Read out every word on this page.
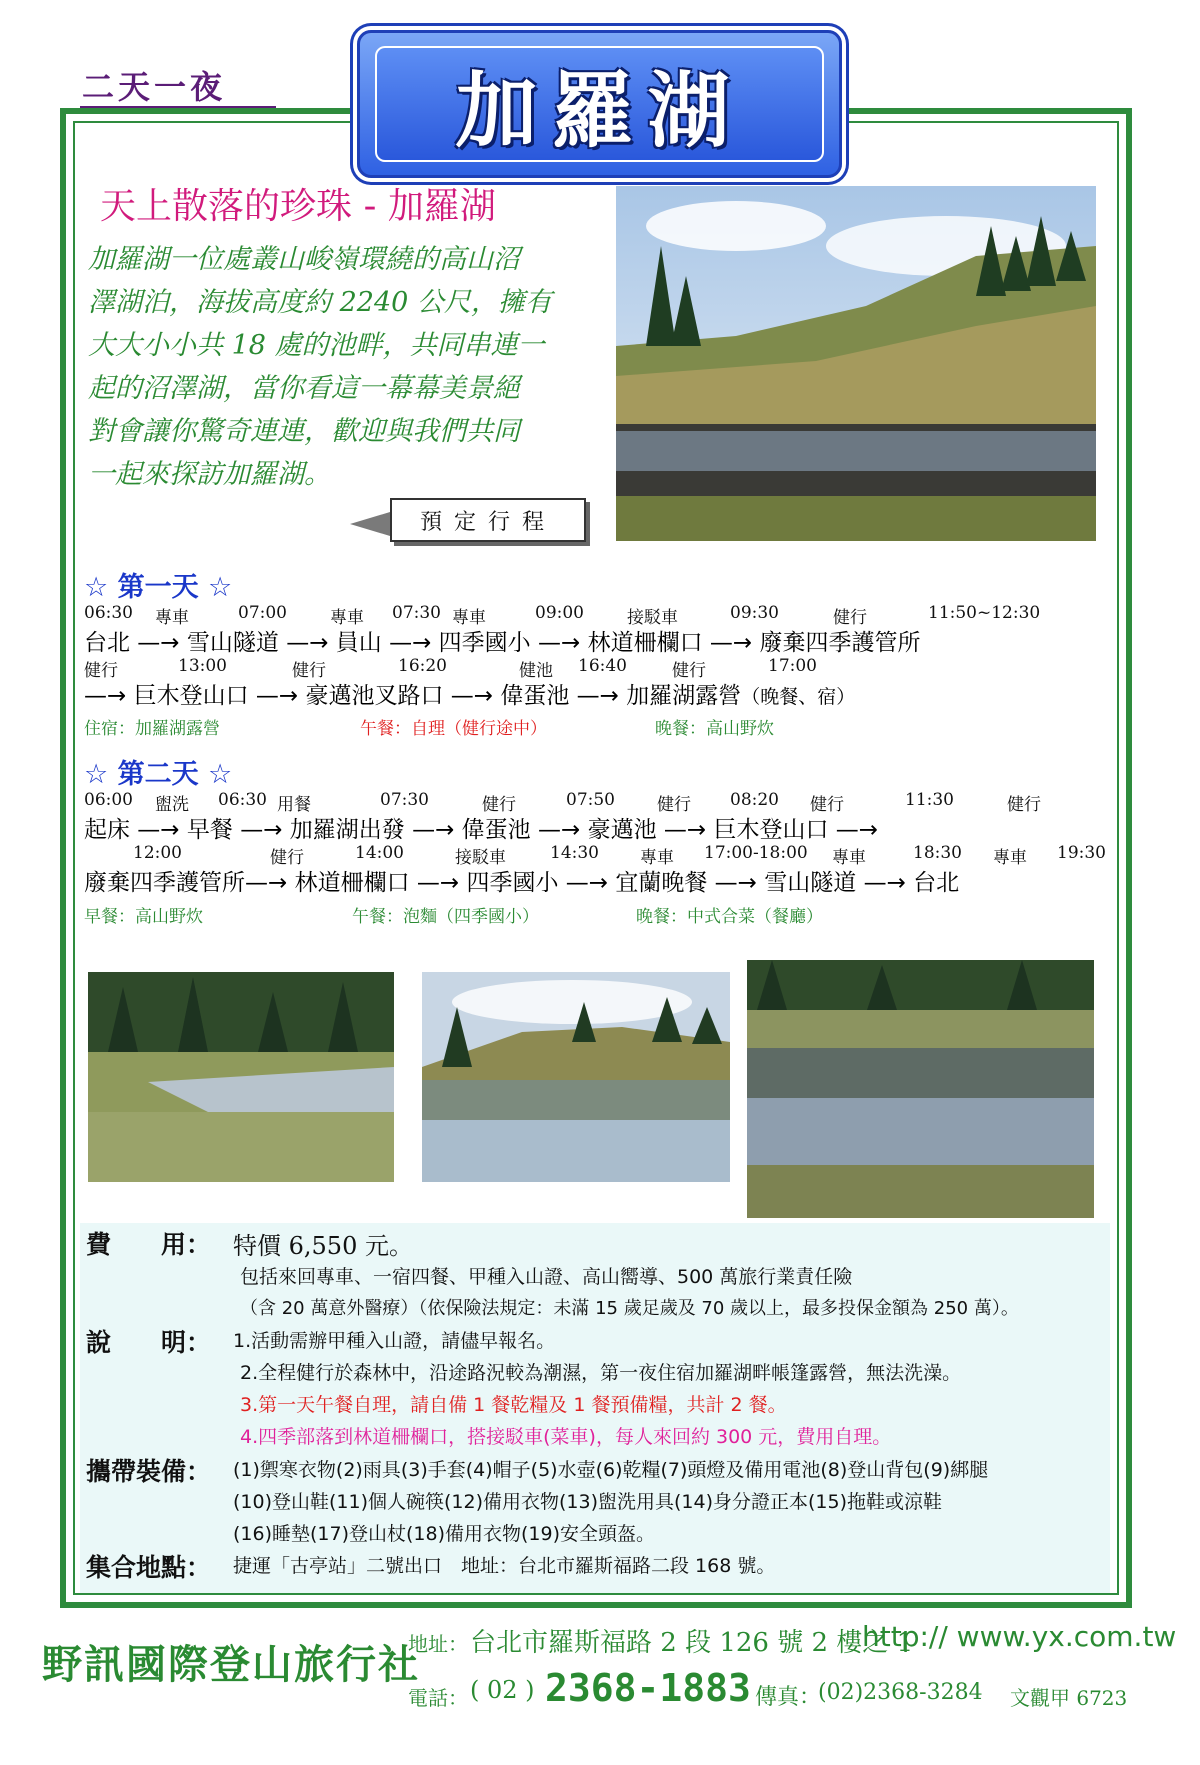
二天一夜	加羅湖
天上散落的珍珠 - 加羅湖
加羅湖一位處叢山峻嶺環繞的高山沼
澤湖泊，海拔高度約 2240 公尺，擁有
大大小小共 18 處的池畔，共同串連一
起的沼澤湖，當你看這一幕幕美景絕
對會讓你驚奇連連，歡迎與我們共同
一起來探訪加羅湖。
預定行程
☆ 第一天 ☆
06:30 專車	07:00	專車 07:30 專車	09:00	接駁車	09:30	健行	11:50~12:30
台北 —→ 雪山隧道 —→ 員山 —→ 四季國小 —→ 林道柵欄口 —→ 廢棄四季護管所
健行	13:00	健行	16:20	健池 16:40	健行	17:00
—→ 巨木登山口 —→ 豪邁池叉路口 —→ 偉蛋池 —→ 加羅湖露營（晚餐、宿）
住宿：加羅湖露營	午餐：自理（健行途中）	晚餐：高山野炊
☆ 第二天 ☆
06:00 盥洗 06:30 用餐	07:30	健行	07:50 健行 08:20 健行	11:30	健行
起床 —→ 早餐 —→ 加羅湖出發 —→ 偉蛋池 —→ 豪邁池 —→ 巨木登山口 —→
12:00	健行	14:00	接駁車	14:30 專車 17:00-18:00 專車	18:30 專車 19:30
廢棄四季護管所—→ 林道柵欄口 —→ 四季國小 —→ 宜蘭晚餐 —→ 雪山隧道 —→ 台北
早餐：高山野炊	午餐：泡麵（四季國小）	晚餐：中式合菜（餐廳）
費　　用： 特價 6,550 元。
包括來回專車、一宿四餐、甲種入山證、高山嚮導、500 萬旅行業責任險
（含 20 萬意外醫療）（依保險法規定：未滿 15 歲足歲及 70 歲以上，最多投保金額為 250 萬）。
說　　明： 1.活動需辦甲種入山證，請儘早報名。
2.全程健行於森林中，沿途路況較為潮濕，第一夜住宿加羅湖畔帳篷露營，無法洗澡。
3.第一天午餐自理，請自備 1 餐乾糧及 1 餐預備糧，共計 2 餐。
4.四季部落到林道柵欄口，搭接駁車(菜車)，每人來回約 300 元，費用自理。
攜帶裝備： (1)禦寒衣物(2)雨具(3)手套(4)帽子(5)水壺(6)乾糧(7)頭燈及備用電池(8)登山背包(9)綁腿
(10)登山鞋(11)個人碗筷(12)備用衣物(13)盥洗用具(14)身分證正本(15)拖鞋或涼鞋
(16)睡墊(17)登山杖(18)備用衣物(19)安全頭盔。
集合地點： 捷運「古亭站」二號出口　地址：台北市羅斯福路二段 168 號。
野訊國際登山旅行社
地址： 台北市羅斯福路 2 段 126 號 2 樓之 1
http:// www.yx.com.tw
電話： ( 02 ) 2368-1883 傳真：
(02)2368-3284 文觀甲 6723
